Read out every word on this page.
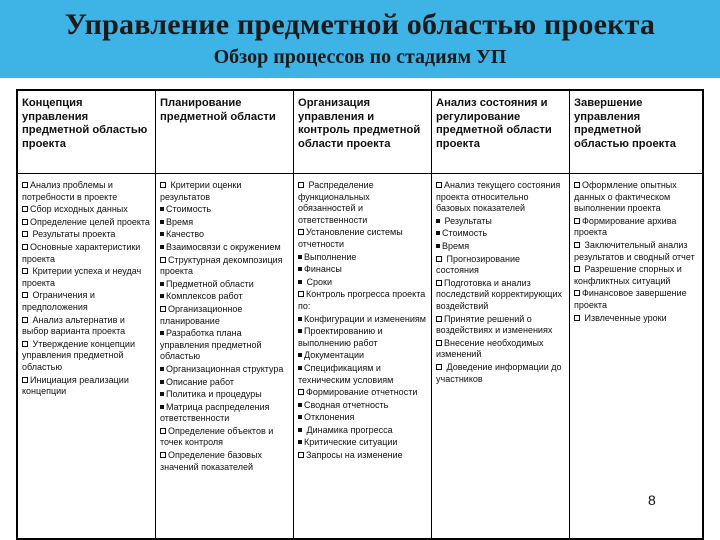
Управление предметной областью проекта
Обзор процессов по стадиям УП
Концепция управления предметной областью проекта
Планирование предметной области
Организация управления и контроль предметной области проекта
Анализ состояния и регулирование предметной области проекта
Завершение управления предметной областью проекта
Анализ проблемы и потребности в проекте
Сбор исходных данных
Определение целей проекта
Результаты проекта
Основные характеристики проекта
Критерии успеха и неудач проекта
Ограничения и предположения
Анализ альтернатив и выбор варианта проекта
Утверждение концепции управления предметной областью
Инициация реализации концепции
Критерии оценки результатов
Стоимость
Время
Качество
Взаимосвязи с окружением
Структурная декомпозиция проекта
Предметной области
Комплексов работ
Организационное планирование
Разработка плана управления предметной областью
Организационная структура
Описание работ
Политика и процедуры
Матрица распределения ответственности
Определение объектов и точек контроля
Определение базовых значений показателей
Распределение функциональных обязанностей и ответственности
Установление системы отчетности
Выполнение
Финансы
Сроки
Контроль прогресса проекта по:
Конфигурации и изменениям
Проектированию и выполнению работ
Документации
Спецификациям и техническим условиям
Формирование отчетности
Сводная отчетность
Отклонения
Динамика прогресса
Критические ситуации
Запросы на изменение
Анализ текущего состояния проекта относительно базовых показателей
Результаты
Стоимость
Время
Прогнозирование состояния
Подготовка и анализ последствий корректирующих воздействий
Принятие решений о воздействиях и изменениях
Внесение необходимых изменений
Доведение информации до участников
Оформление опытных данных о фактическом выполнении проекта
Формирование архива проекта
Заключительный анализ результатов и сводный отчет
Разрешение спорных и конфликтных ситуаций
Финансовое завершение проекта
Извлеченные уроки
8
